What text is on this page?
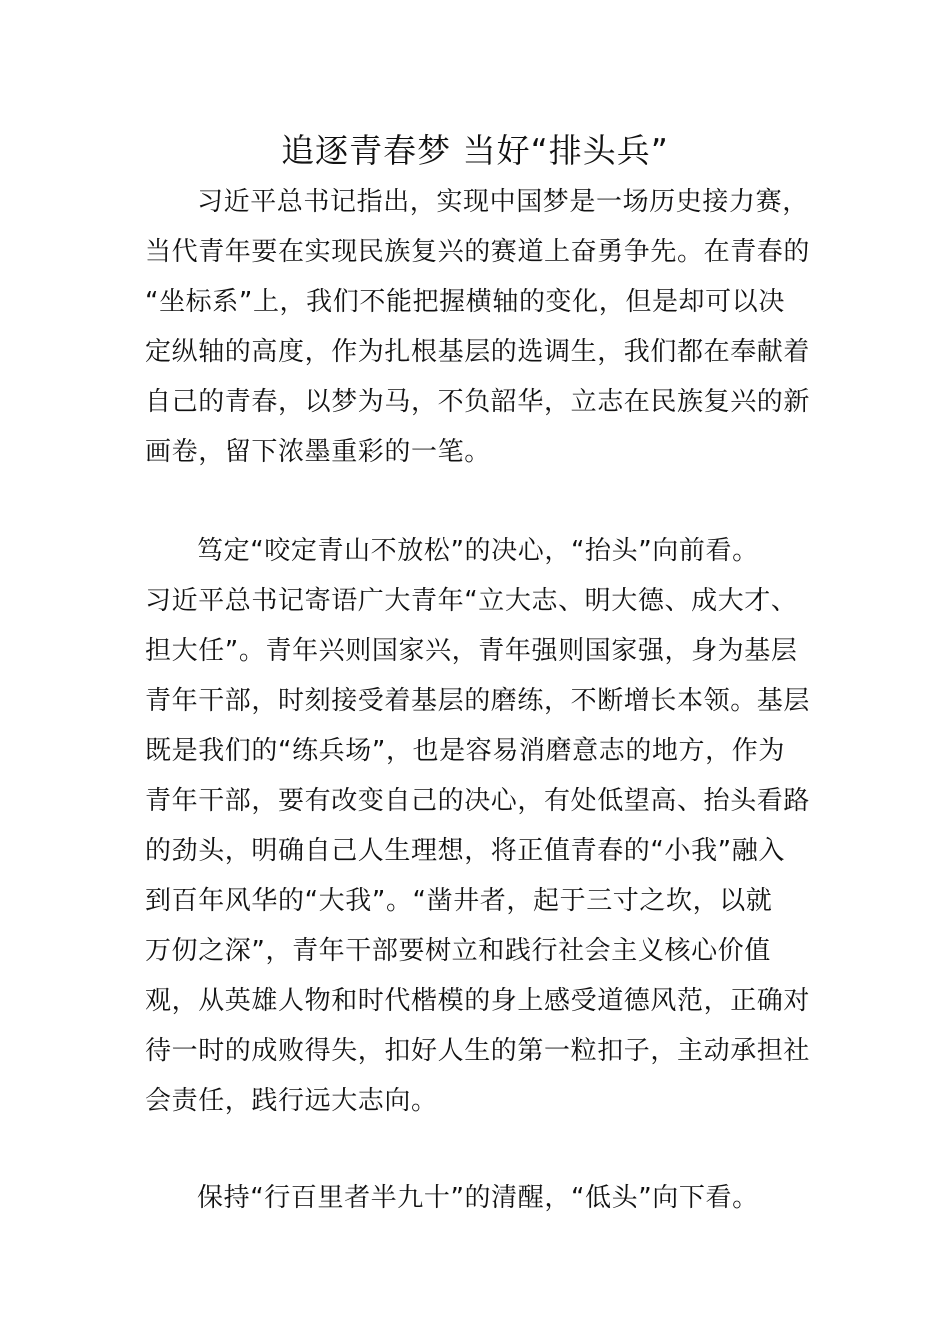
追逐青春梦 当好“排头兵”
习近平总书记指出，实现中国梦是一场历史接力赛，
当代青年要在实现民族复兴的赛道上奋勇争先。在青春的
“坐标系”上，我们不能把握横轴的变化，但是却可以决
定纵轴的高度，作为扎根基层的选调生，我们都在奉献着
自己的青春，以梦为马，不负韶华，立志在民族复兴的新
画卷，留下浓墨重彩的一笔。
笃定“咬定青山不放松”的决心，“抬头”向前看。
习近平总书记寄语广大青年“立大志、明大德、成大才、
担大任”。青年兴则国家兴，青年强则国家强，身为基层
青年干部，时刻接受着基层的磨练，不断增长本领。基层
既是我们的“练兵场”，也是容易消磨意志的地方，作为
青年干部，要有改变自己的决心，有处低望高、抬头看路
的劲头，明确自己人生理想，将正值青春的“小我”融入
到百年风华的“大我”。“凿井者，起于三寸之坎，以就
万仞之深”，青年干部要树立和践行社会主义核心价值
观，从英雄人物和时代楷模的身上感受道德风范，正确对
待一时的成败得失，扣好人生的第一粒扣子，主动承担社
会责任，践行远大志向。
保持“行百里者半九十”的清醒，“低头”向下看。
